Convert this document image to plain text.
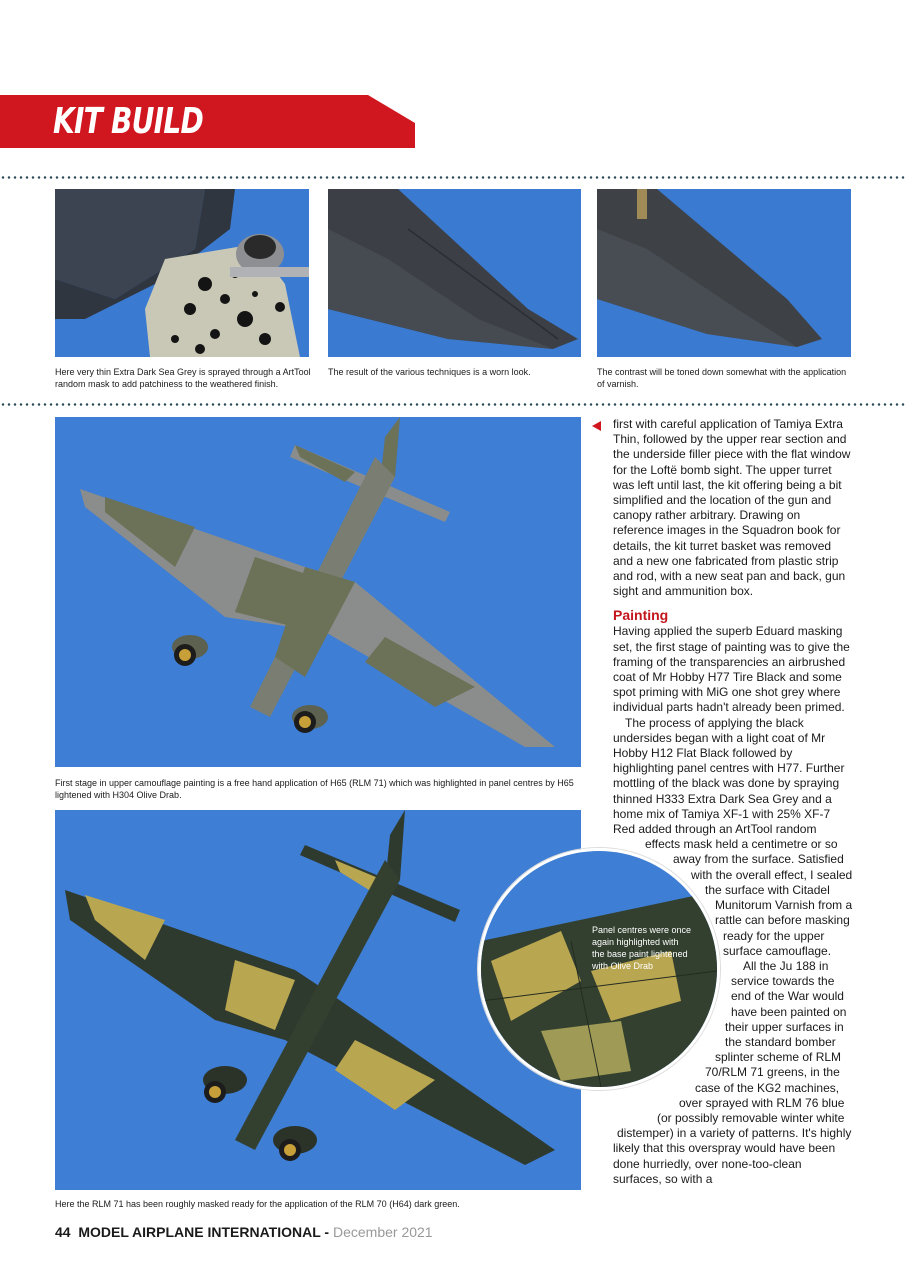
KIT BUILD
Here very thin Extra Dark Sea Grey is sprayed through a ArtTool random mask to add patchiness to the weathered finish.
The result of the various techniques is a worn look.	The contrast will be toned down somewhat with the application of varnish.
First stage in upper camouflage painting is a free hand application of H65 (RLM 71) which was highlighted in panel centres by H65 lightened with H304 Olive Drab.
Here the RLM 71 has been roughly masked ready for the application of the RLM 70 (H64) dark green.
Panel centres were once again highlighted with the base paint lightened with Olive Drab

first with careful application of Tamiya Extra Thin, followed by the upper rear section and the underside filler piece with the flat window for the Loftë bomb sight. The upper turret was left until last, the kit offering being a bit simplified and the location of the gun and canopy rather arbitrary. Drawing on reference images in the Squadron book for details, the kit turret basket was removed and a new one fabricated from plastic strip and rod, with a new seat pan and back, gun sight and ammunition box.

Painting

Having applied the superb Eduard masking set, the first stage of painting was to give the framing of the transparencies an airbrushed coat of Mr Hobby H77 Tire Black and some spot priming with MiG one shot grey where individual parts hadn't already been primed.

The process of applying the black undersides began with a light coat of Mr Hobby H12 Flat Black followed by highlighting panel centres with H77. Further mottling of the black was done by spraying thinned H333 Extra Dark Sea Grey and a home mix of Tamiya XF-1 with 25% XF-7 Red added through an ArtTool random effects mask held a centimetre or so away from the surface. Satisfied with the overall effect, I sealed the surface with Citadel Munitorum Varnish from a rattle can before masking ready for the upper surface camouflage.

All the Ju 188 in service towards the end of the War would have been painted on their upper surfaces in the standard bomber splinter scheme of RLM 70/RLM 71 greens, in the case of the KG2 machines, over sprayed with RLM 76 blue (or possibly removable winter white distemper) in a variety of patterns. It's highly likely that this overspray would have been done hurriedly, over none-too-clean surfaces, so with a

44 MODEL AIRPLANE INTERNATIONAL - December 2021
